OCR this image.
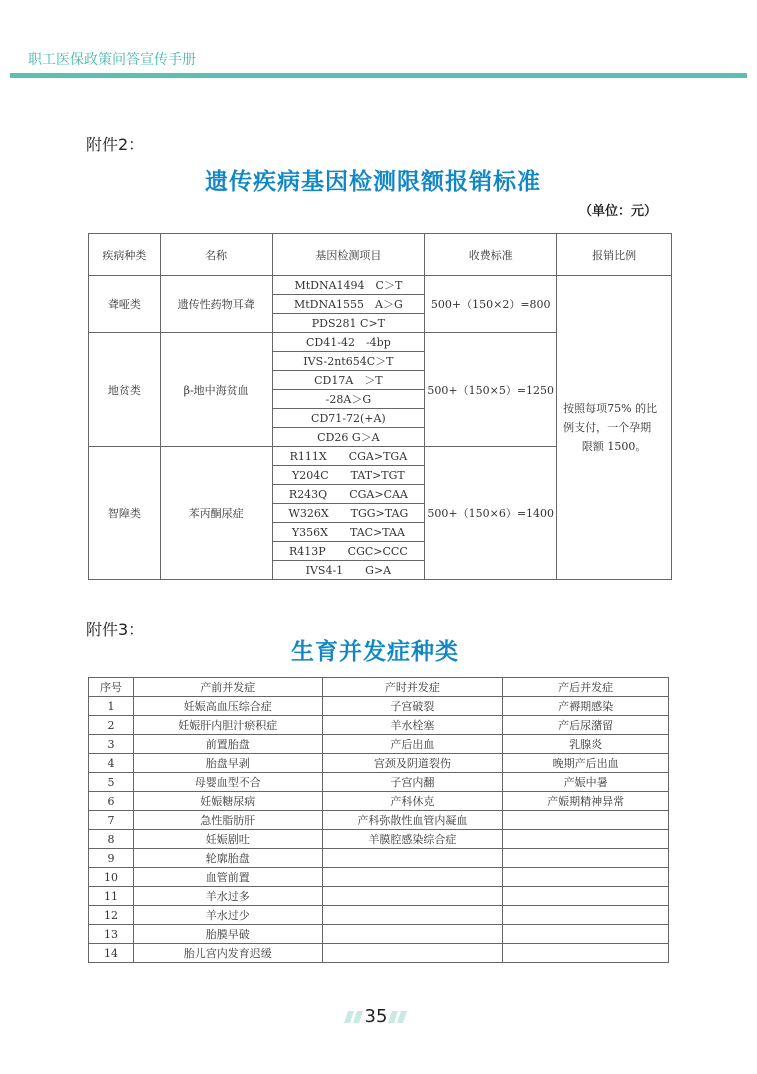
职工医保政策问答宣传手册
附件2：
遗传疾病基因检测限额报销标准
（单位：元）
疾病种类	名称	基因检测项目	收费标准	报销比例
聋哑类	遗传性药物耳聋	MtDNA1494　C＞T	500+（150×2）=800	按照每项75% 的比
例支付，一个孕期
限额 1500。

		MtDNA1555　A＞G		
		PDS281 C>T		
地贫类	β-地中海贫血	CD41-42　-4bp	500+（150×5）=1250	
		IVS-2nt654C＞T		
		CD17A　＞T		
		-28A＞G		
		CD71-72(+A)		
		CD26 G＞A		
智障类	苯丙酮尿症	R111X　　CGA>TGA	500+（150×6）=1400	
		Y204C　　TAT>TGT		
		R243Q　　CGA>CAA		
		W326X　　TGG>TAG		
		Y356X　　TAC>TAA		
		R413P　　CGC>CCC		
		IVS4-1　　G>A		
附件3：
生育并发症种类
序号	产前并发症	产时并发症	产后并发症
1	妊娠高血压综合症	子宫破裂	产褥期感染
2	妊娠肝内胆汁瘀积症	羊水栓塞	产后尿潴留
3	前置胎盘	产后出血	乳腺炎
4	胎盘早剥	宫颈及阴道裂伤	晚期产后出血
5	母婴血型不合	子宫内翻	产娠中暑
6	妊娠糖尿病	产科休克	产娠期精神异常
7	急性脂肪肝	产科弥散性血管内凝血	
8	妊娠剧吐	羊膜腔感染综合症	
9	轮廓胎盘		
10	血管前置		
11	羊水过多		
12	羊水过少		
13	胎膜早破		
14	胎儿宫内发育迟缓		
35
